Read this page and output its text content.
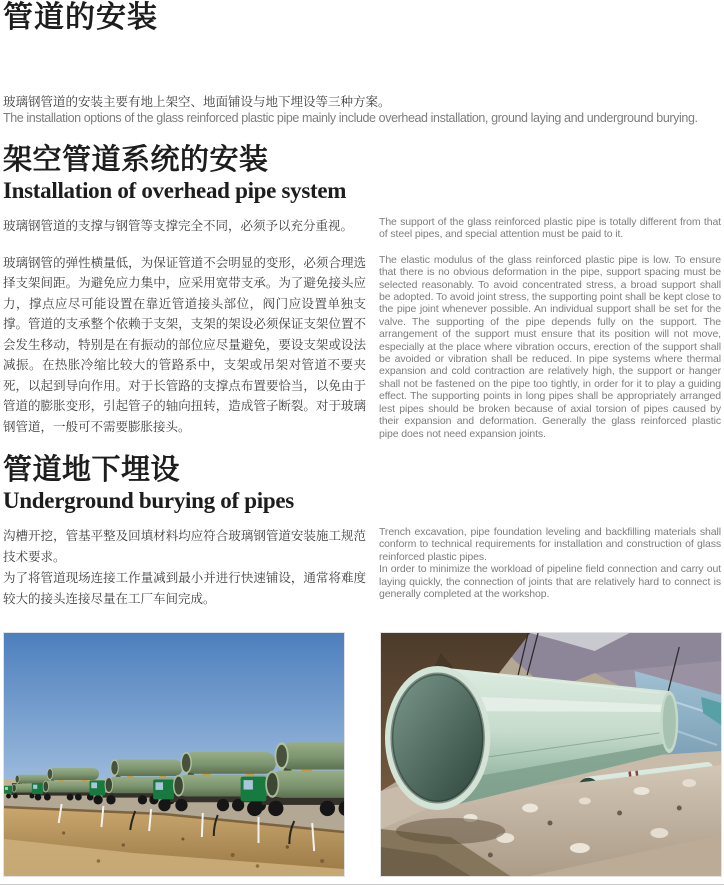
管道的安装

玻璃钢管道的安装主要有地上架空、地面铺设与地下埋设等三种方案。

The installation options of the glass reinforced plastic pipe mainly include overhead installation, ground laying and underground burying.

架空管道系统的安装
Installation of overhead pipe system

玻璃钢管道的支撑与钢管等支撑完全不同，必须予以充分重视。

玻璃钢管的弹性横量低，为保证管道不会明显的变形，必须合理选择支架间距。为避免应力集中，应采用宽带支承。为了避免接头应力，撑点应尽可能设置在靠近管道接头部位，阀门应设置单独支撑。管道的支承整个依赖于支架，支架的架设必须保证支架位置不会发生移动，特别是在有振动的部位应尽量避免，要设支架或设法减振。在热胀冷缩比较大的管路系中，支架或吊架对管道不要夹死，以起到导向作用。对于长管路的支撑点布置要恰当，以免由于管道的膨胀变形，引起管子的轴向扭转，造成管子断裂。对于玻璃钢管道，一般可不需要膨胀接头。

The support of the glass reinforced plastic pipe is totally different from that of steel pipes, and special attention must be paid to it.

The elastic modulus of the glass reinforced plastic pipe is low. To ensure that there is no obvious deformation in the pipe, support spacing must be selected reasonably. To avoid concentrated stress, a broad support shall be adopted. To avoid joint stress, the supporting point shall be kept close to the pipe joint whenever possible. An individual support shall be set for the valve. The supporting of the pipe depends fully on the support. The arrangement of the support must ensure that its position will not move, especially at the place where vibration occurs, erection of the support shall be avoided or vibration shall be reduced. In pipe systems where thermal expansion and cold contraction are relatively high, the support or hanger shall not be fastened on the pipe too tightly, in order for it to play a guiding effect. The supporting points in long pipes shall be appropriately arranged lest pipes should be broken because of axial torsion of pipes caused by their expansion and deformation. Generally the glass reinforced plastic pipe does not need expansion joints.

管道地下埋设
Underground burying of pipes

沟槽开挖，管基平整及回填材料均应符合玻璃钢管道安装施工规范技术要求。

为了将管道现场连接工作量减到最小并进行快速铺设，通常将难度较大的接头连接尽量在工厂车间完成。

Trench excavation, pipe foundation leveling and backfilling materials shall conform to technical requirements for installation and construction of glass reinforced plastic pipes.

In order to minimize the workload of pipeline field connection and carry out laying quickly, the connection of joints that are relatively hard to connect is generally completed at the workshop.
